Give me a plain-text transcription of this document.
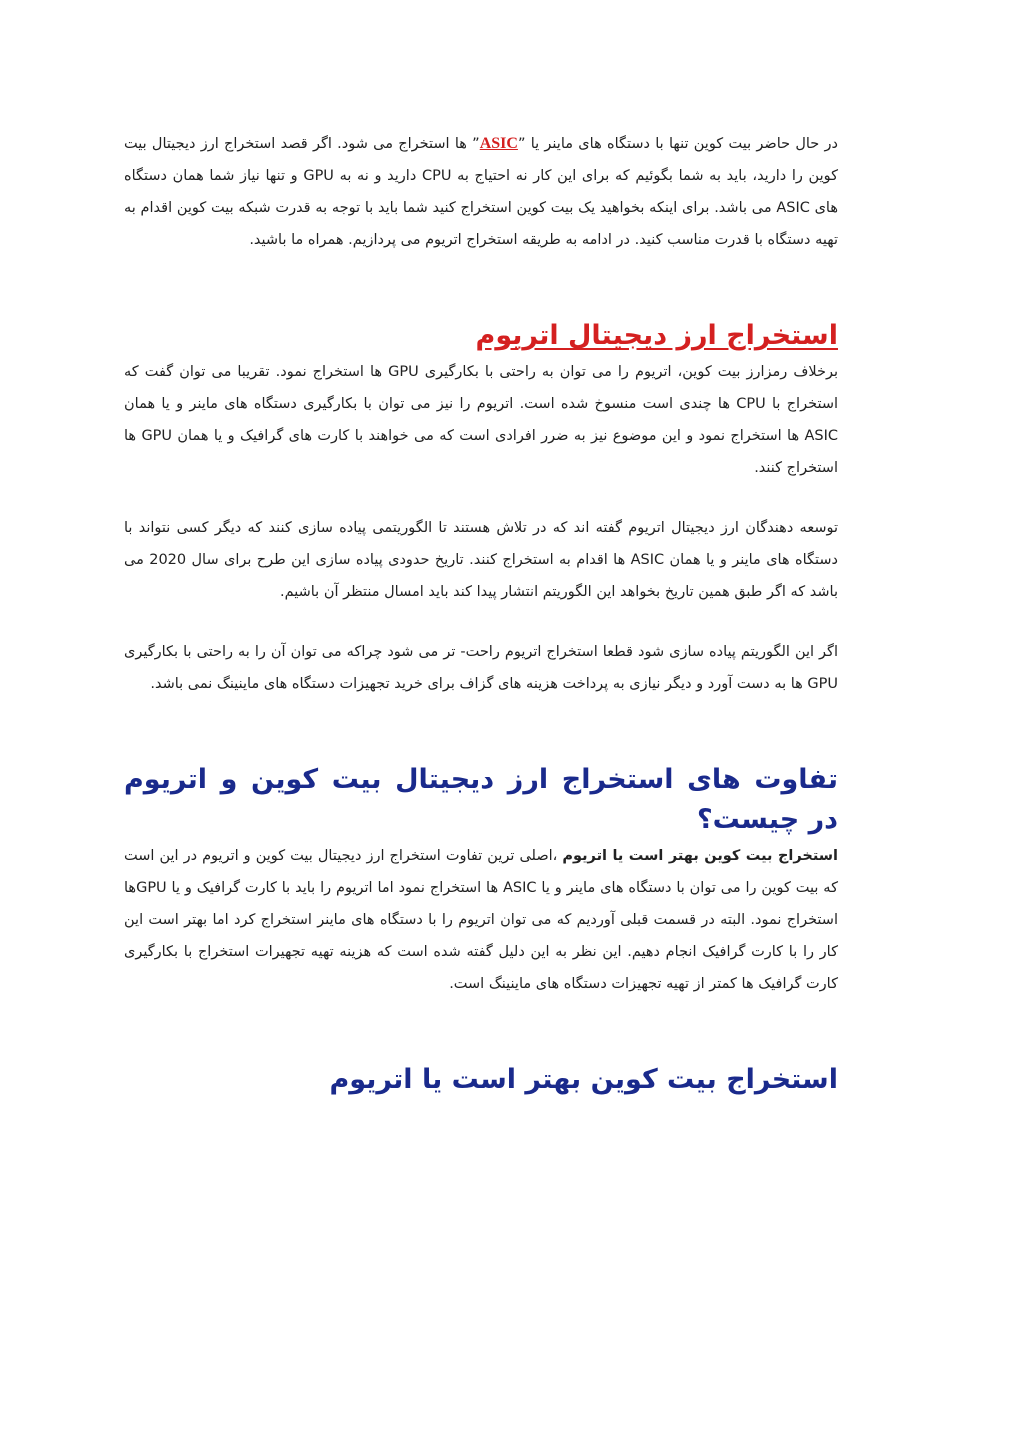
در حال حاضر بیت کوین تنها با دستگاه های ماینر یا ”ASIC” ها استخراج می شود. اگر قصد استخراج ارز دیجیتال بیت کوین را دارید، باید به شما بگوئیم که برای این کار نه احتیاج به CPU دارید و نه به GPU و تنها نیاز شما همان دستگاه های ASIC می باشد. برای اینکه بخواهید یک بیت کوین استخراج کنید شما باید با توجه به قدرت شبکه بیت کوین اقدام به تهیه دستگاه با قدرت مناسب کنید. در ادامه به طریقه استخراج اتریوم می پردازیم. همراه ما باشید.

استخراج ارز دیجیتال اتریوم

برخلاف رمزارز بیت کوین، اتریوم را می توان به راحتی با بکارگیری GPU ها استخراج نمود. تقریبا می توان گفت که استخراج با CPU ها چندی است منسوخ شده است. اتریوم را نیز می توان با بکارگیری دستگاه های ماینر و یا همان ASIC ها استخراج نمود و این موضوع نیز به ضرر افرادی است که می خواهند با کارت های گرافیک و یا همان GPU ها استخراج کنند.

توسعه دهندگان ارز دیجیتال اتریوم گفته اند که در تلاش هستند تا الگوریتمی پیاده سازی کنند که دیگر کسی نتواند با دستگاه های ماینر و یا همان ASIC ها اقدام به استخراج کنند. تاریخ حدودی پیاده سازی این طرح برای سال 2020 می باشد که اگر طبق همین تاریخ بخواهد این الگوریتم انتشار پیدا کند باید امسال منتظر آن باشیم.

اگر این الگوریتم پیاده سازی شود قطعا استخراج اتریوم راحت- تر می شود چراکه می توان آن را به راحتی با بکارگیری GPU ها به دست آورد و دیگر نیازی به پرداخت هزینه های گزاف برای خرید تجهیزات دستگاه های ماینینگ نمی باشد.

تفاوت های استخراج ارز دیجیتال بیت کوین و اتریوم در چیست؟

استخراج بیت کوین بهتر است یا اتریوم ،اصلی ترین تفاوت استخراج ارز دیجیتال بیت کوین و اتریوم در این است که بیت کوین را می توان با دستگاه های ماینر و یا ASIC ها استخراج نمود اما اتریوم را باید با کارت گرافیک و یا GPUها استخراج نمود. البته در قسمت قبلی آوردیم که می توان اتریوم را با دستگاه های ماینر استخراج کرد اما بهتر است این کار را با کارت گرافیک انجام دهیم. این نظر به این دلیل گفته شده است که هزینه تهیه تجهیرات استخراج با بکارگیری کارت گرافیک ها کمتر از تهیه تجهیزات دستگاه های ماینینگ است.

استخراج بیت کوین بهتر است یا اتریوم
